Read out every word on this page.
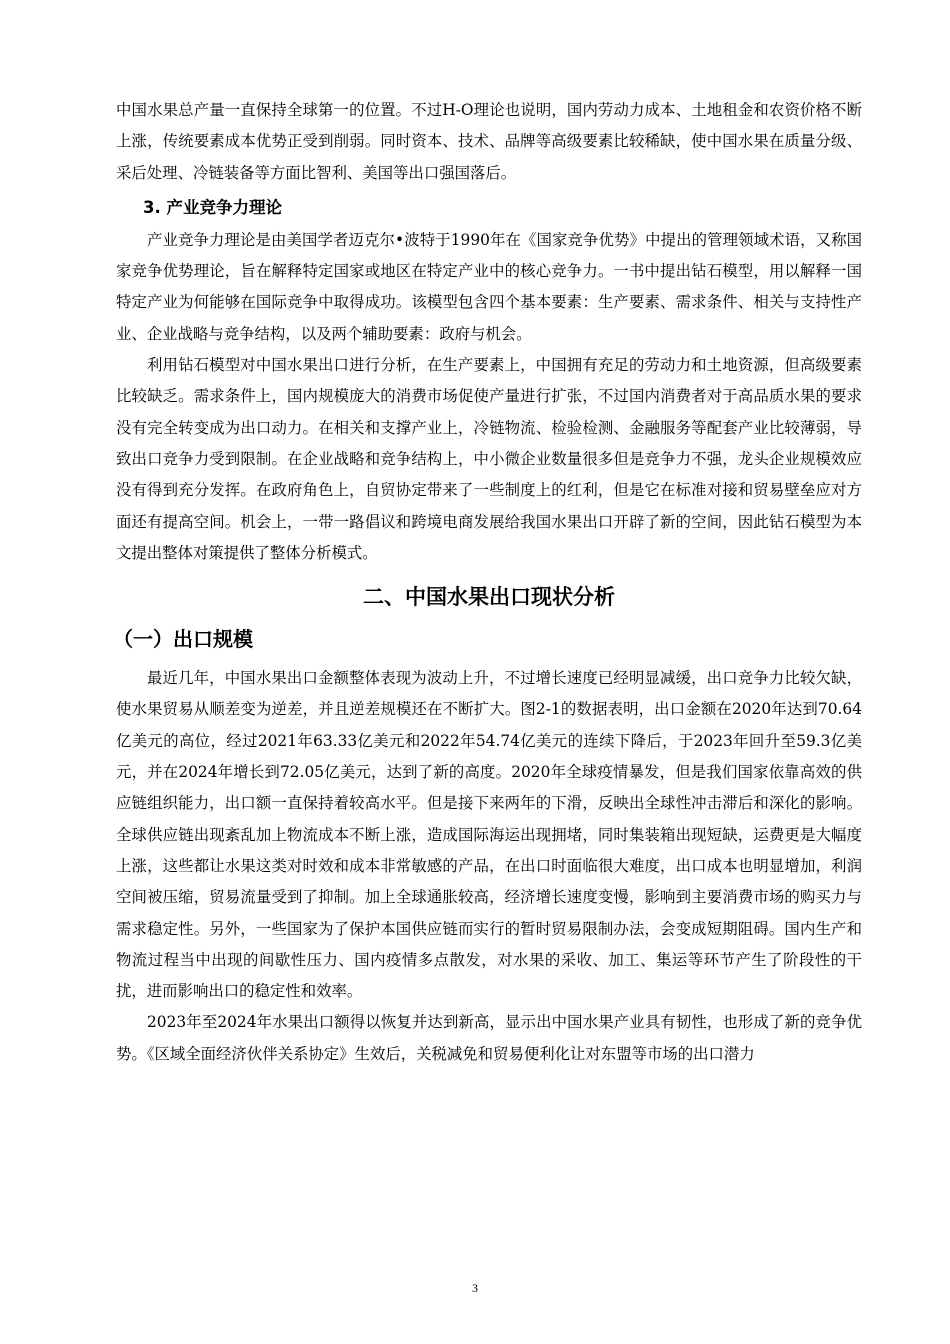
中国水果总产量一直保持全球第一的位置。不过H-O理论也说明，国内劳动力成本、土地租金和农资价格不断上涨，传统要素成本优势正受到削弱。同时资本、技术、品牌等高级要素比较稀缺，使中国水果在质量分级、采后处理、冷链装备等方面比智利、美国等出口强国落后。

3. 产业竞争力理论

产业竞争力理论是由美国学者迈克尔•波特于1990年在《国家竞争优势》中提出的管理领域术语，又称国家竞争优势理论，旨在解释特定国家或地区在特定产业中的核心竞争力。一书中提出钻石模型，用以解释一国特定产业为何能够在国际竞争中取得成功。该模型包含四个基本要素：生产要素、需求条件、相关与支持性产业、企业战略与竞争结构，以及两个辅助要素：政府与机会。

利用钻石模型对中国水果出口进行分析，在生产要素上，中国拥有充足的劳动力和土地资源，但高级要素比较缺乏。需求条件上，国内规模庞大的消费市场促使产量进行扩张，不过国内消费者对于高品质水果的要求没有完全转变成为出口动力。在相关和支撑产业上，冷链物流、检验检测、金融服务等配套产业比较薄弱，导致出口竞争力受到限制。在企业战略和竞争结构上，中小微企业数量很多但是竞争力不强，龙头企业规模效应没有得到充分发挥。在政府角色上，自贸协定带来了一些制度上的红利，但是它在标准对接和贸易壁垒应对方面还有提高空间。机会上，一带一路倡议和跨境电商发展给我国水果出口开辟了新的空间，因此钻石模型为本文提出整体对策提供了整体分析模式。

二、中国水果出口现状分析
（一）出口规模

最近几年，中国水果出口金额整体表现为波动上升，不过增长速度已经明显减缓，出口竞争力比较欠缺，使水果贸易从顺差变为逆差，并且逆差规模还在不断扩大。图2-1的数据表明，出口金额在2020年达到70.64亿美元的高位，经过2021年63.33亿美元和2022年54.74亿美元的连续下降后，于2023年回升至59.3亿美元，并在2024年增长到72.05亿美元，达到了新的高度。2020年全球疫情暴发，但是我们国家依靠高效的供应链组织能力，出口额一直保持着较高水平。但是接下来两年的下滑，反映出全球性冲击滞后和深化的影响。全球供应链出现紊乱加上物流成本不断上涨，造成国际海运出现拥堵，同时集装箱出现短缺，运费更是大幅度上涨，这些都让水果这类对时效和成本非常敏感的产品，在出口时面临很大难度，出口成本也明显增加，利润空间被压缩，贸易流量受到了抑制。加上全球通胀较高，经济增长速度变慢，影响到主要消费市场的购买力与需求稳定性。另外，一些国家为了保护本国供应链而实行的暂时贸易限制办法，会变成短期阻碍。国内生产和物流过程当中出现的间歇性压力、国内疫情多点散发，对水果的采收、加工、集运等环节产生了阶段性的干扰，进而影响出口的稳定性和效率。

2023年至2024年水果出口额得以恢复并达到新高，显示出中国水果产业具有韧性，也形成了新的竞争优势。《区域全面经济伙伴关系协定》生效后，关税减免和贸易便利化让对东盟等市场的出口潜力

3
